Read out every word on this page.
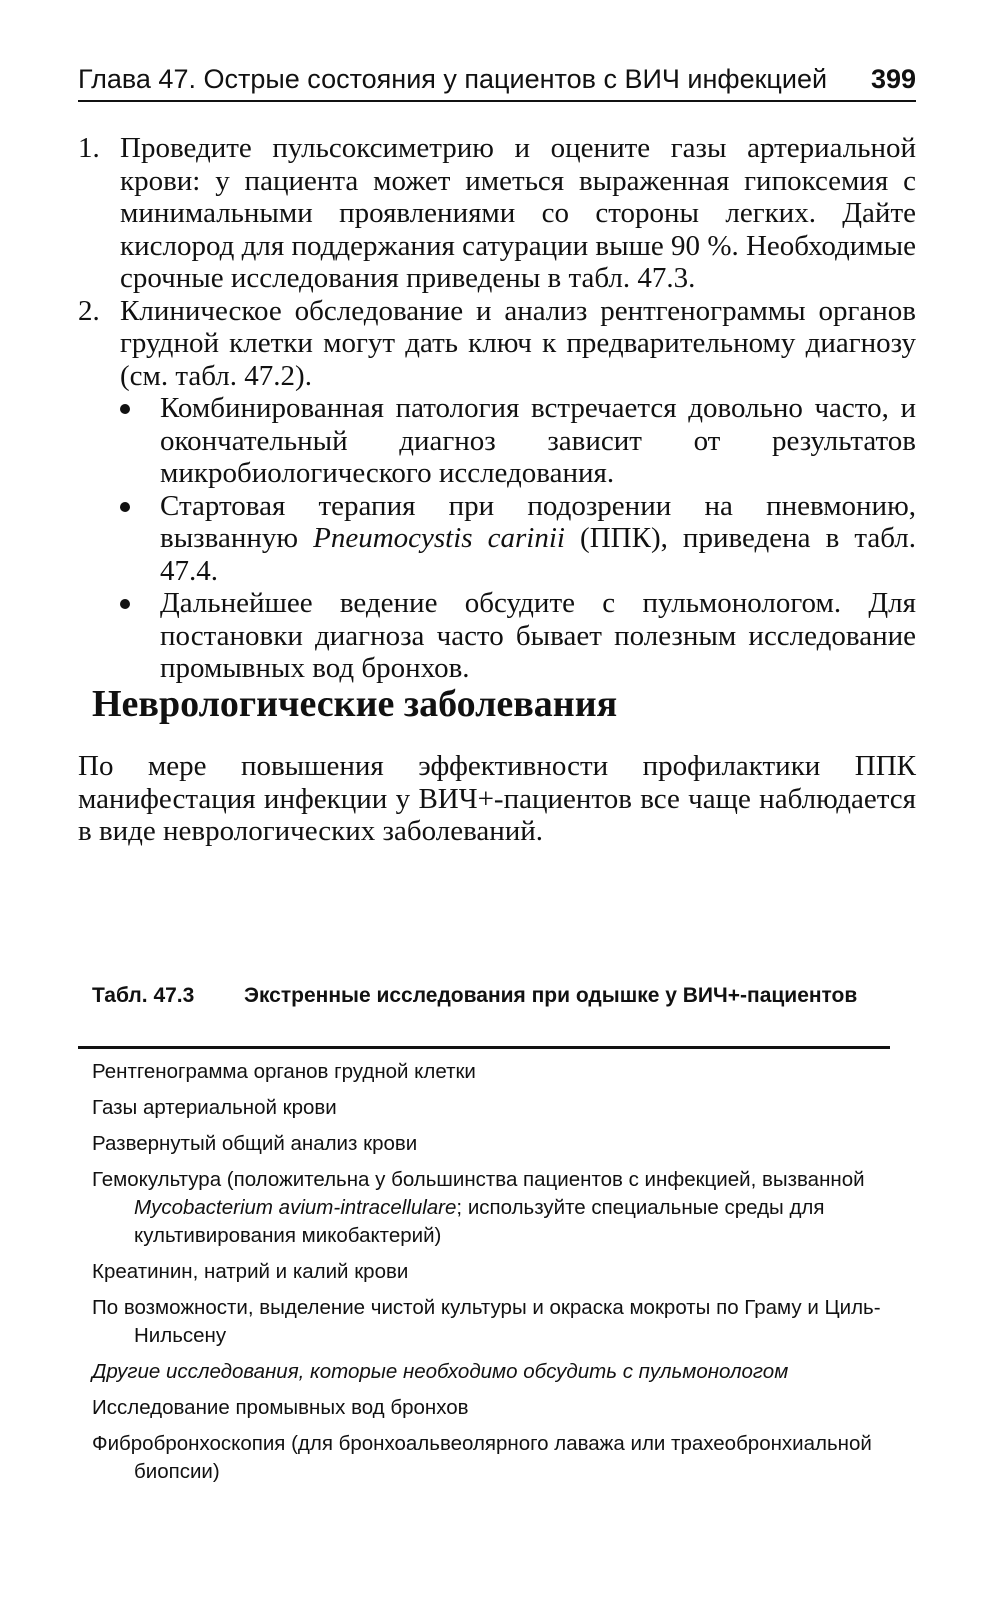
Глава 47. Острые состояния у пациентов с ВИЧ инфекцией 399
1. Проведите пульсоксиметрию и оцените газы артериальной крови: у пациента может иметься выраженная гипоксемия с минимальными проявлениями со стороны легких. Дайте кислород для поддержания сатурации выше 90 %. Необходимые срочные исследования приведены в табл. 47.3.
2. Клиническое обследование и анализ рентгенограммы органов грудной клетки могут дать ключ к предварительному диагнозу (см. табл. 47.2).
Комбинированная патология встречается довольно часто, и окончательный диагноз зависит от результатов микробиологического исследования.
Стартовая терапия при подозрении на пневмонию, вызванную Pneumocystis carinii (ППК), приведена в табл. 47.4.
Дальнейшее ведение обсудите с пульмонологом. Для постановки диагноза часто бывает полезным исследование промывных вод бронхов.
Неврологические заболевания
По мере повышения эффективности профилактики ППК манифестация инфекции у ВИЧ+-пациентов все чаще наблюдается в виде неврологических заболеваний.
Табл. 47.3 Экстренные исследования при одышке у ВИЧ+-пациентов
Рентгенограмма органов грудной клетки
Газы артериальной крови
Развернутый общий анализ крови
Гемокультура (положительна у большинства пациентов с инфекцией, вызванной Mycobacterium avium-intracellulare; используйте специальные среды для культивирования микобактерий)
Креатинин, натрий и калий крови
По возможности, выделение чистой культуры и окраска мокроты по Граму и Циль-Нильсену
Другие исследования, которые необходимо обсудить с пульмонологом
Исследование промывных вод бронхов
Фибробронхоскопия (для бронхоальвеолярного лаважа или трахеобронхиальной биопсии)
